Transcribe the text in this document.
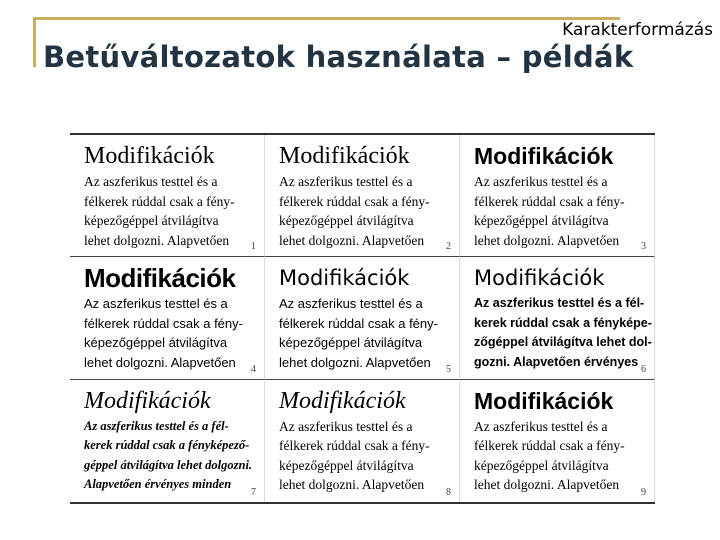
Karakterformázás
Betűváltozatok használata – példák
Modifikációk
Az aszferikus testtel és a
félkerek rúddal csak a fény-
képezőgéppel átvilágítva
lehet dolgozni. Alapvetően	1
Modifikációk
Az aszferikus testtel és a
félkerek rúddal csak a fény-
képezőgéppel átvilágítva
lehet dolgozni. Alapvetően	2
Modifikációk
Az aszferikus testtel és a
félkerek rúddal csak a fény-
képezőgéppel átvilágítva
lehet dolgozni. Alapvetően	3
Modifikációk
Az aszferikus testtel és a
félkerek rúddal csak a fény-
képezőgéppel átvilágítva
lehet dolgozni. Alapvetően	4
Modifikációk
Az aszferikus testtel és a
félkerek rúddal csak a fény-
képezőgéppel átvilágítva
lehet dolgozni. Alapvetően	5
Modifikációk
Az aszferikus testtel és a fél-
kerek rúddal csak a fényképe-
zőgéppel átvilágítva lehet dol-
gozni. Alapvetően érvényes
6
Modifikációk
Az aszferikus testtel és a fél-
kerek rúddal csak a fényképező-
géppel átvilágítva lehet dolgozni.
Alapvetően érvényes minden
7
Modifikációk
Az aszferikus testtel és a
félkerek rúddal csak a fény-
képezőgéppel átvilágítva
lehet dolgozni. Alapvetően
8
Modifikációk
Az aszferikus testtel és a
félkerek rúddal csak a fény-
képezőgéppel átvilágítva
lehet dolgozni. Alapvetően
9
